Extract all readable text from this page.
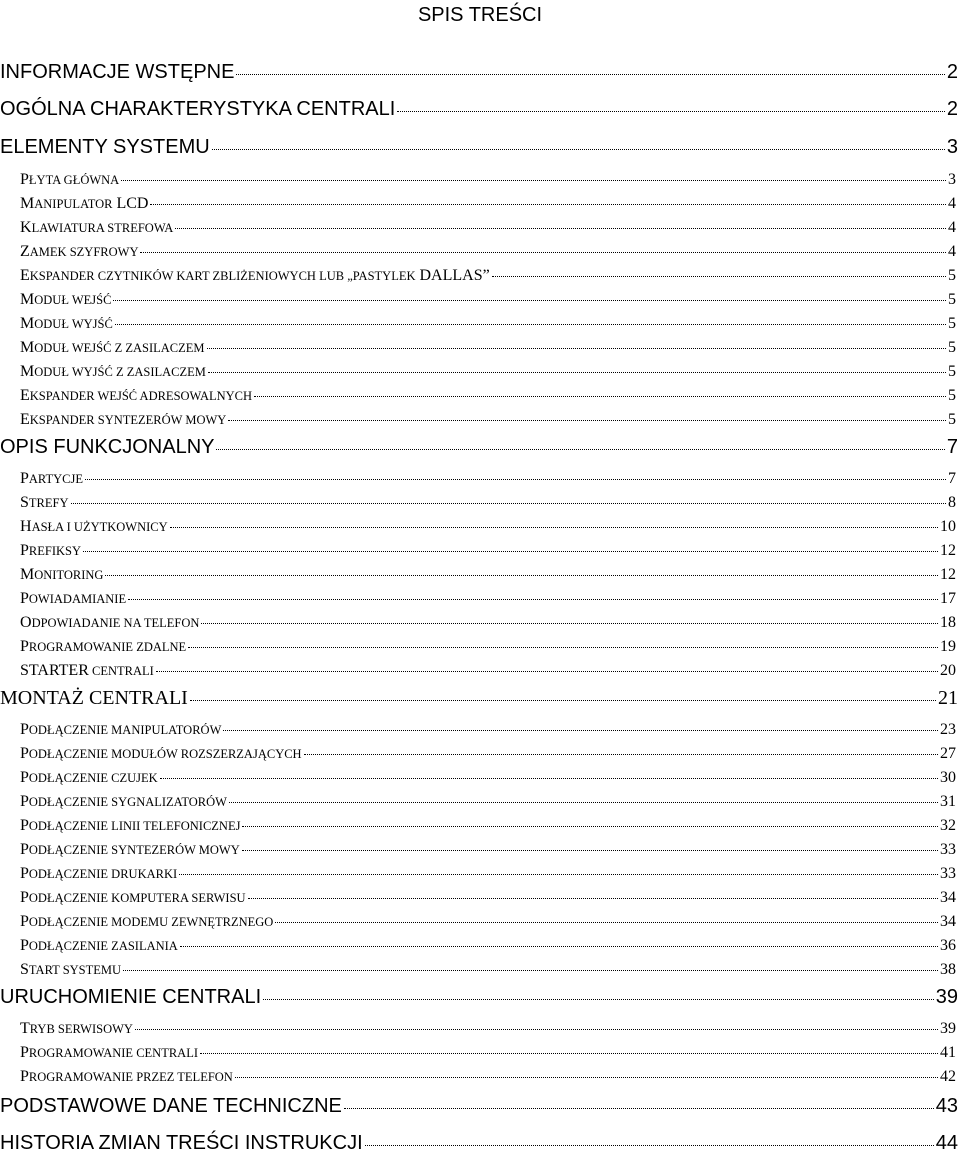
SPIS TREŚCI
INFORMACJE WSTĘPNE	2
OGÓLNA CHARAKTERYSTYKA CENTRALI	2
ELEMENTY SYSTEMU	3
PŁYTA GŁÓWNA	3
MANIPULATOR LCD	4
KLAWIATURA STREFOWA	4
ZAMEK SZYFROWY	4
EKSPANDER CZYTNIKÓW KART ZBLIŻENIOWYCH LUB „PASTYLEK DALLAS”	5
MODUŁ WEJŚĆ	5
MODUŁ WYJŚĆ	5
MODUŁ WEJŚĆ Z ZASILACZEM	5
MODUŁ WYJŚĆ Z ZASILACZEM	5
EKSPANDER WEJŚĆ ADRESOWALNYCH	5
EKSPANDER SYNTEZERÓW MOWY	5
OPIS FUNKCJONALNY	7
PARTYCJE	7
STREFY	8
HASŁA I UŻYTKOWNICY	10
PREFIKSY	12
MONITORING	12
POWIADAMIANIE	17
ODPOWIADANIE NA TELEFON	18
PROGRAMOWANIE ZDALNE	19
STARTER CENTRALI	20
MONTAŻ CENTRALI	21
PODŁĄCZENIE MANIPULATORÓW	23
PODŁĄCZENIE MODUŁÓW ROZSZERZAJĄCYCH	27
PODŁĄCZENIE CZUJEK	30
PODŁĄCZENIE SYGNALIZATORÓW	31
PODŁĄCZENIE LINII TELEFONICZNEJ	32
PODŁĄCZENIE SYNTEZERÓW MOWY	33
PODŁĄCZENIE DRUKARKI	33
PODŁĄCZENIE KOMPUTERA SERWISU	34
PODŁĄCZENIE MODEMU ZEWNĘTRZNEGO	34
PODŁĄCZENIE ZASILANIA	36
START SYSTEMU	38
URUCHOMIENIE CENTRALI	39
TRYB SERWISOWY	39
PROGRAMOWANIE CENTRALI	41
PROGRAMOWANIE PRZEZ TELEFON	42
PODSTAWOWE DANE TECHNICZNE	43
HISTORIA ZMIAN TREŚCI INSTRUKCJI	44
